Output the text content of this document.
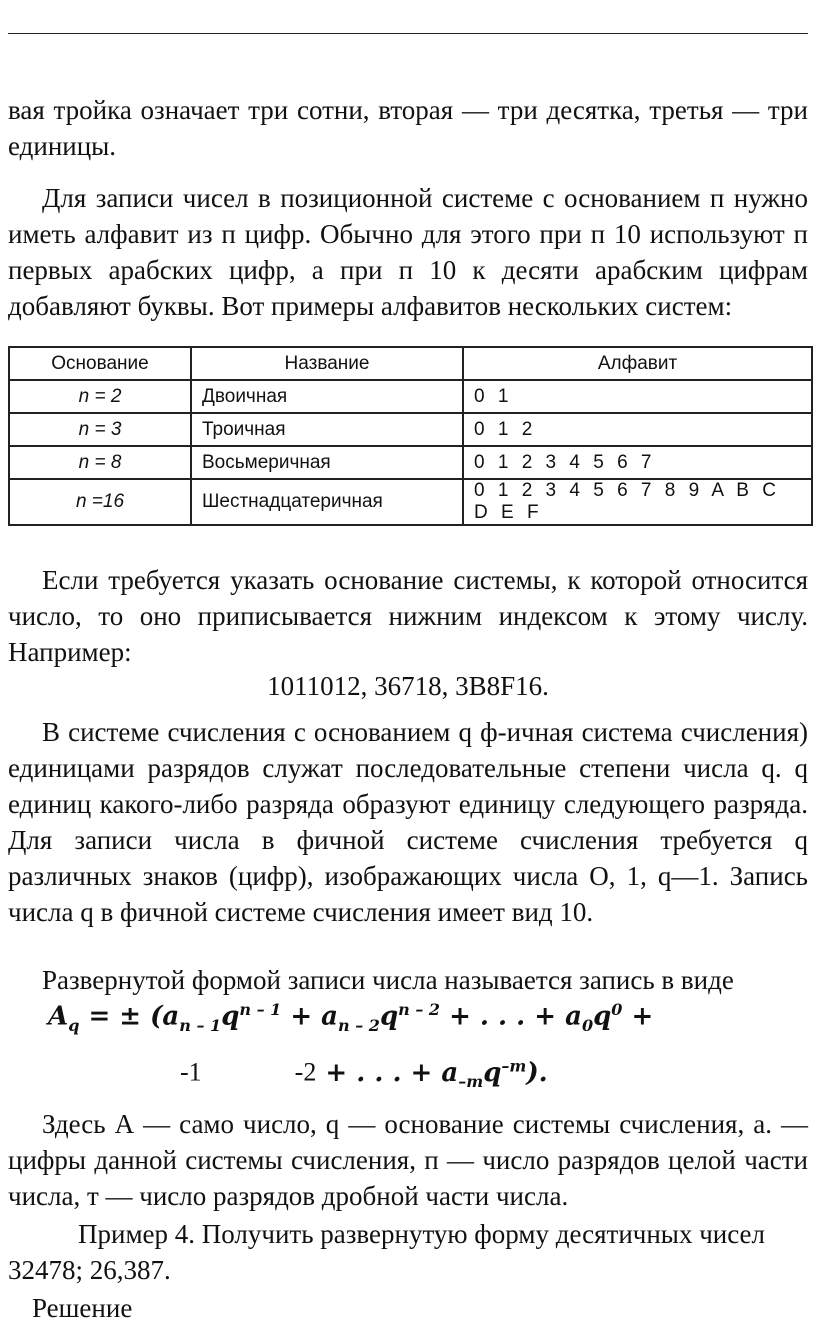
вая тройка означает три сотни, вторая — три десятка, третья — три единицы.

Для записи чисел в позиционной системе с основанием п нужно иметь алфавит из п цифр. Обычно для этого при п 10 используют п первых арабских цифр, а при п 10 к десяти арабским цифрам добавляют буквы. Вот примеры алфавитов нескольких систем:

Основание	Название	Алфавит
n = 2	Двоичная	0 1
n = 3	Троичная	0 1 2
n = 8	Восьмеричная	0 1 2 3 4 5 6 7
n =16	Шестнадцатеричная	0 1 2 3 4 5 6 7 8 9 A B C D E F

Если требуется указать основание системы, к которой относится число, то оно приписывается нижним индексом к этому числу. Например:

1011012, 36718, 3В8F16.

В системе счисления с основанием q ф-ичная система счисления) единицами разрядов служат последовательные степени числа q. q единиц какого-либо разряда образуют единицу следующего разряда. Для записи числа в фичной системе счисления требуется q различных знаков (цифр), изображающих числа О, 1, q—1. Запись числа q в фичной системе счисления имеет вид 10.

Развернутой формой записи числа называется запись в виде

$A_q$ = ± ($a_{n - 1}q^{n - 1} + a_{n - 2}q^{n - 2}$ + . . . + $a_0q^0$ +
-1	-2 + . . . + $a_{-m}q^{-m}$).

Здесь А — само число, q — основание системы счисления, а. — цифры данной системы счисления, п — число разрядов целой части числа, т — число разрядов дробной части числа.

Пример 4. Получить развернутую форму десятичных чисел 32478; 26,387.

Решение
